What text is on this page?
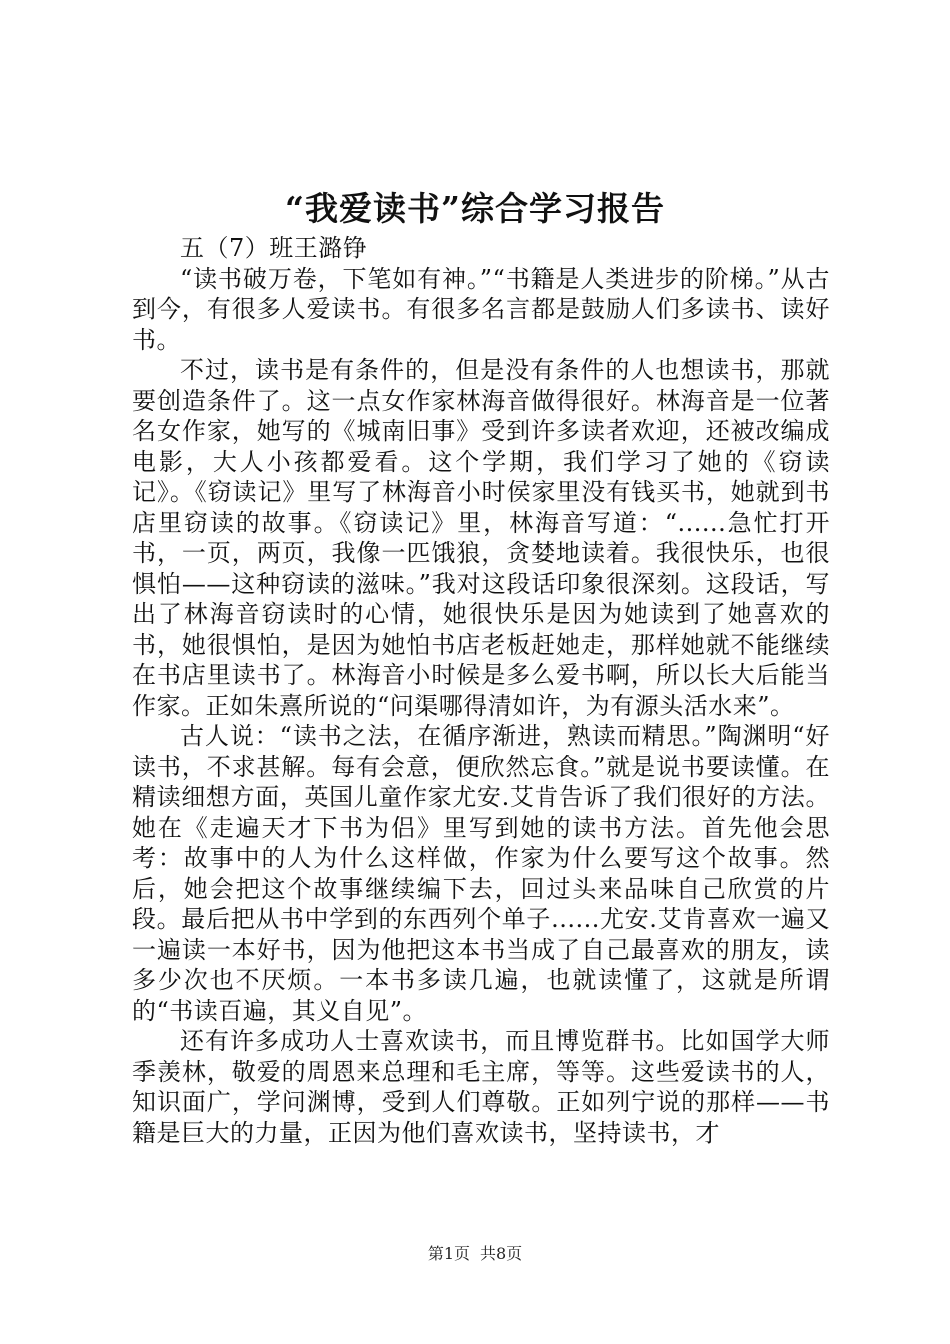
“我爱读书”综合学习报告

五（7）班王潞铮

“读书破万卷，下笔如有神。”“书籍是人类进步的阶梯。”从古到今，有很多人爱读书。有很多名言都是鼓励人们多读书、读好书。

不过，读书是有条件的，但是没有条件的人也想读书，那就要创造条件了。这一点女作家林海音做得很好。林海音是一位著名女作家，她写的《城南旧事》受到许多读者欢迎，还被改编成电影，大人小孩都爱看。这个学期，我们学习了她的《窃读记》。《窃读记》里写了林海音小时侯家里没有钱买书，她就到书店里窃读的故事。《窃读记》里，林海音写道：“......急忙打开书，一页，两页，我像一匹饿狼，贪婪地读着。我很快乐，也很惧怕——这种窃读的滋味。”我对这段话印象很深刻。这段话，写出了林海音窃读时的心情，她很快乐是因为她读到了她喜欢的书，她很惧怕，是因为她怕书店老板赶她走，那样她就不能继续在书店里读书了。林海音小时候是多么爱书啊，所以长大后能当作家。正如朱熹所说的“问渠哪得清如许，为有源头活水来”。

古人说：“读书之法，在循序渐进，熟读而精思。”陶渊明“好读书，不求甚解。每有会意，便欣然忘食。”就是说书要读懂。在精读细想方面，英国儿童作家尤安.艾肯告诉了我们很好的方法。她在《走遍天才下书为侣》里写到她的读书方法。首先他会思考：故事中的人为什么这样做，作家为什么要写这个故事。然后，她会把这个故事继续编下去，回过头来品味自己欣赏的片段。最后把从书中学到的东西列个单子......尤安.艾肯喜欢一遍又一遍读一本好书，因为他把这本书当成了自己最喜欢的朋友，读多少次也不厌烦。一本书多读几遍，也就读懂了，这就是所谓的“书读百遍，其义自见”。

还有许多成功人士喜欢读书，而且博览群书。比如国学大师季羡林，敬爱的周恩来总理和毛主席，等等。这些爱读书的人，知识面广，学问渊博，受到人们尊敬。正如列宁说的那样——书籍是巨大的力量，正因为他们喜欢读书，坚持读书，才

第1页 共8页
